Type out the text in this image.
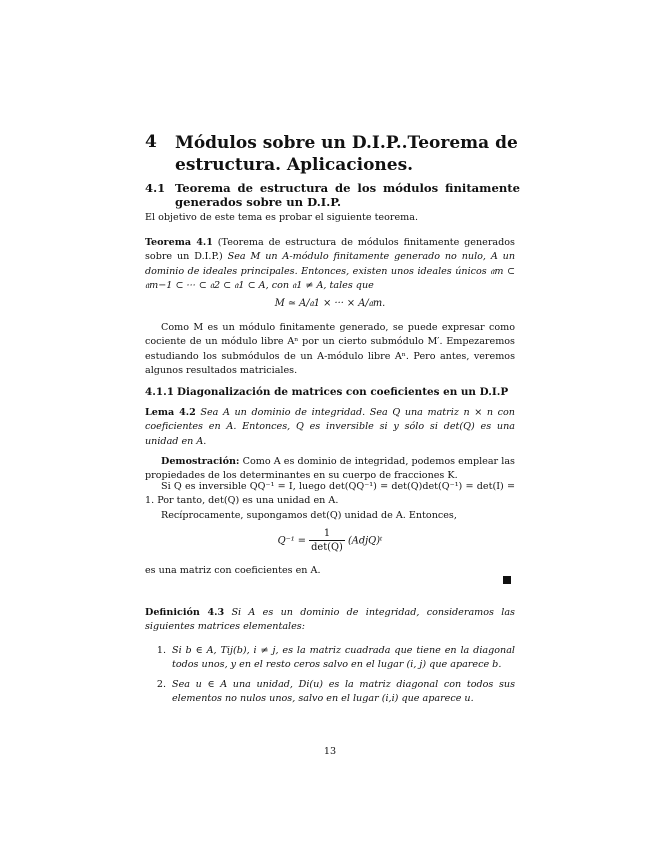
4 Módulos sobre un D.I.P..Teorema de estructura. Aplicaciones.
4.1 Teorema de estructura de los módulos finitamente generados sobre un D.I.P.
El objetivo de este tema es probar el siguiente teorema.
Teorema 4.1 (Teorema de estructura de módulos finitamente generados sobre un D.I.P.) Sea M un A-módulo finitamente generado no nulo, A un dominio de ideales principales. Entonces, existen unos ideales únicos 𝔞m ⊂ 𝔞m−1 ⊂ ··· ⊂ 𝔞2 ⊂ 𝔞1 ⊂ A, con 𝔞1 ≠ A, tales que
M ≃ A/𝔞1 × ··· × A/𝔞m.
Como M es un módulo finitamente generado, se puede expresar como cociente de un módulo libre Aⁿ por un cierto submódulo M′. Empezaremos estudiando los submódulos de un A-módulo libre Aⁿ. Pero antes, veremos algunos resultados matriciales.
4.1.1 Diagonalización de matrices con coeficientes en un D.I.P
Lema 4.2 Sea A un dominio de integridad. Sea Q una matriz n × n con coeficientes en A. Entonces, Q es inversible si y sólo si det(Q) es una unidad en A.
Demostración: Como A es dominio de integridad, podemos emplear las propiedades de los determinantes en su cuerpo de fracciones K.
Si Q es inversible QQ⁻¹ = I, luego det(QQ⁻¹) = det(Q)det(Q⁻¹) = det(I) = 1. Por tanto, det(Q) es una unidad en A.
Recíprocamente, supongamos det(Q) unidad de A. Entonces,
$Q^{-1} = \frac{1}{\det(Q)}$ (AdjQ)ᵗ
es una matriz con coeficientes en A.
Definición 4.3 Si A es un dominio de integridad, consideramos las siguientes matrices elementales:
1. Si b ∈ A, Tij(b), i ≠ j, es la matriz cuadrada que tiene en la diagonal todos unos, y en el resto ceros salvo en el lugar (i, j) que aparece b.
2. Sea u ∈ A una unidad, Di(u) es la matriz diagonal con todos sus elementos no nulos unos, salvo en el lugar (i,i) que aparece u.
13
